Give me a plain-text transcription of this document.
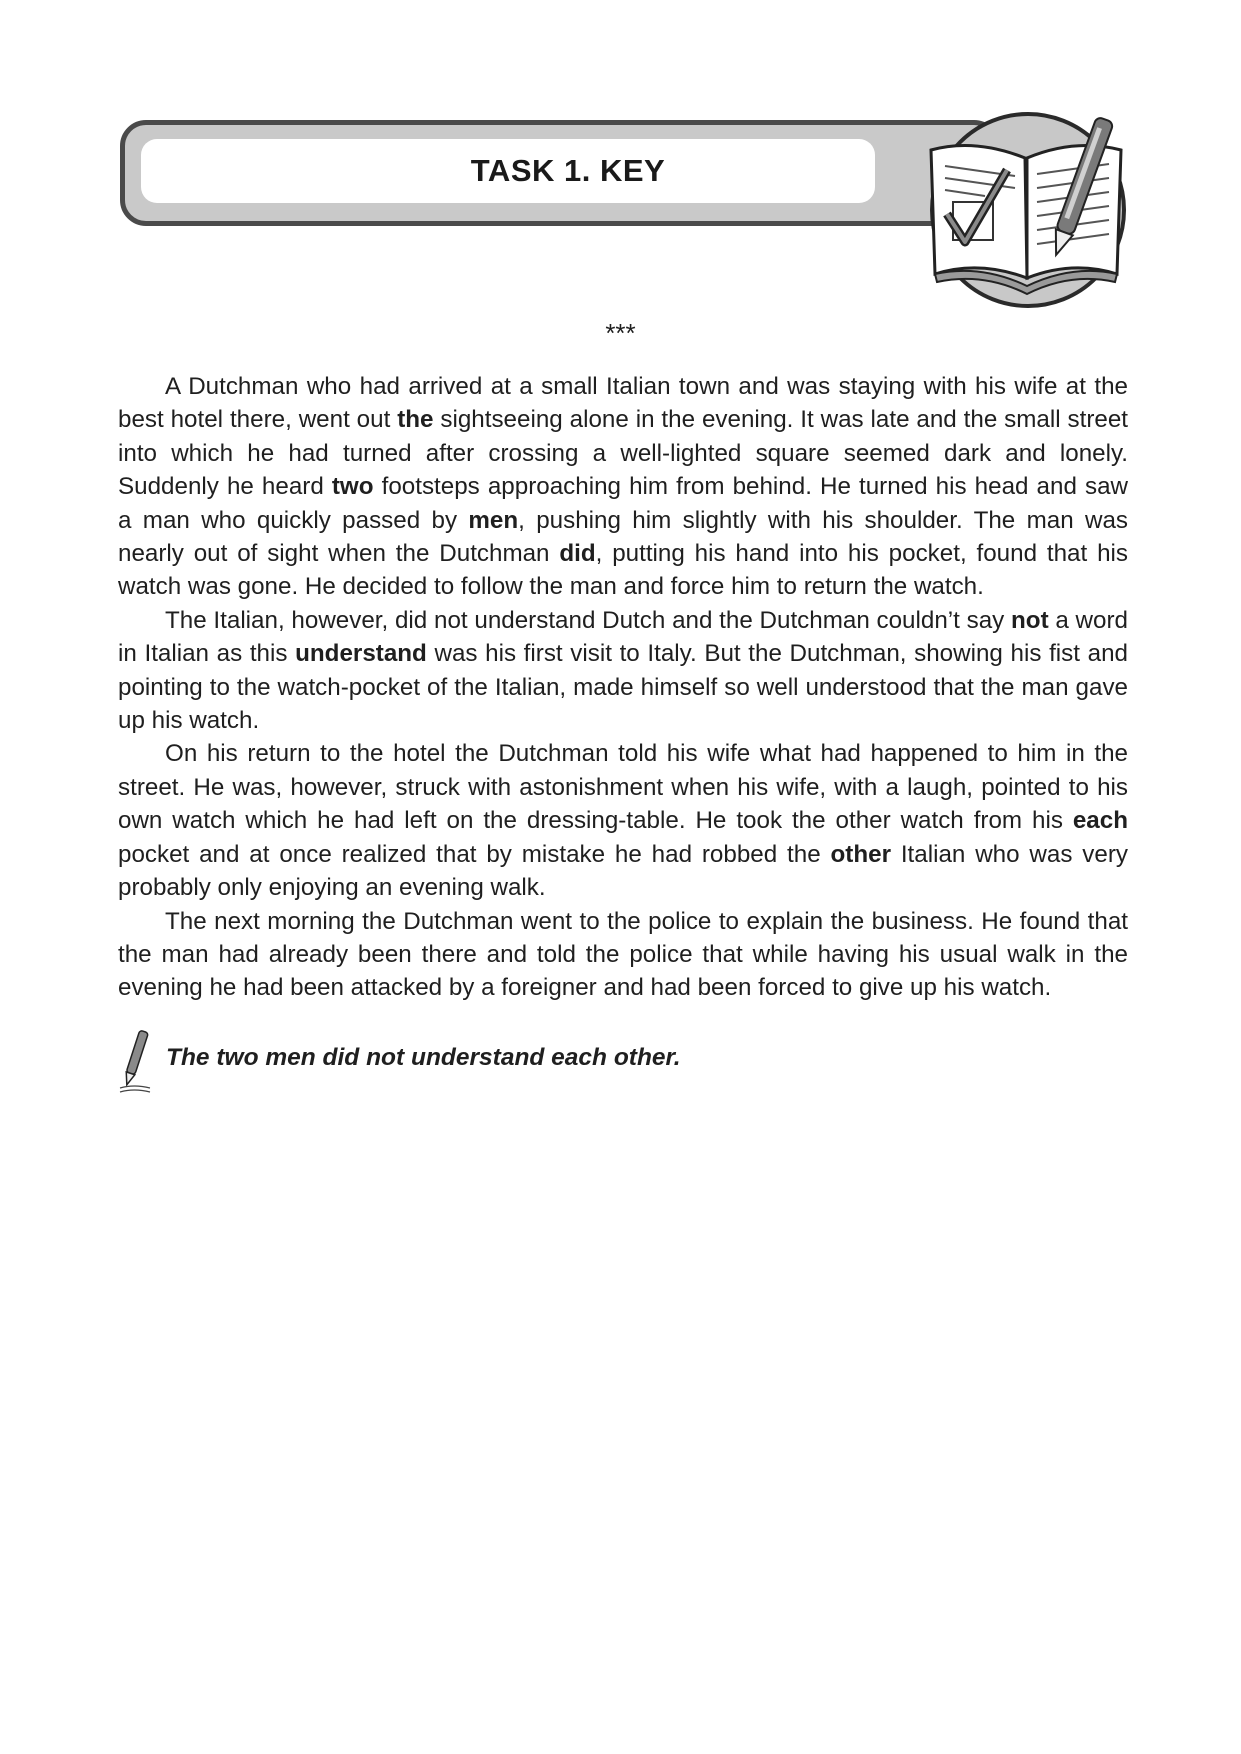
TASK 1. KEY
***

A Dutchman who had arrived at a small Italian town and was staying with his wife at the best hotel there, went out the sightseeing alone in the evening. It was late and the small street into which he had turned after crossing a well-lighted square seemed dark and lonely. Suddenly he heard two footsteps approaching him from behind. He turned his head and saw a man who quickly passed by men, pushing him slightly with his shoulder. The man was nearly out of sight when the Dutchman did, putting his hand into his pocket, found that his watch was gone. He decided to follow the man and force him to return the watch.

The Italian, however, did not understand Dutch and the Dutchman couldn’t say not a word in Italian as this understand was his first visit to Italy. But the Dutchman, showing his fist and pointing to the watch-pocket of the Italian, made himself so well understood that the man gave up his watch.

On his return to the hotel the Dutchman told his wife what had happened to him in the street. He was, however, struck with astonishment when his wife, with a laugh, pointed to his own watch which he had left on the dressing-table. He took the other watch from his each pocket and at once realized that by mistake he had robbed the other Italian who was very probably only enjoying an evening walk.

The next morning the Dutchman went to the police to explain the business. He found that the man had already been there and told the police that while having his usual walk in the evening he had been attacked by a foreigner and had been forced to give up his watch.

The two men did not understand each other.
